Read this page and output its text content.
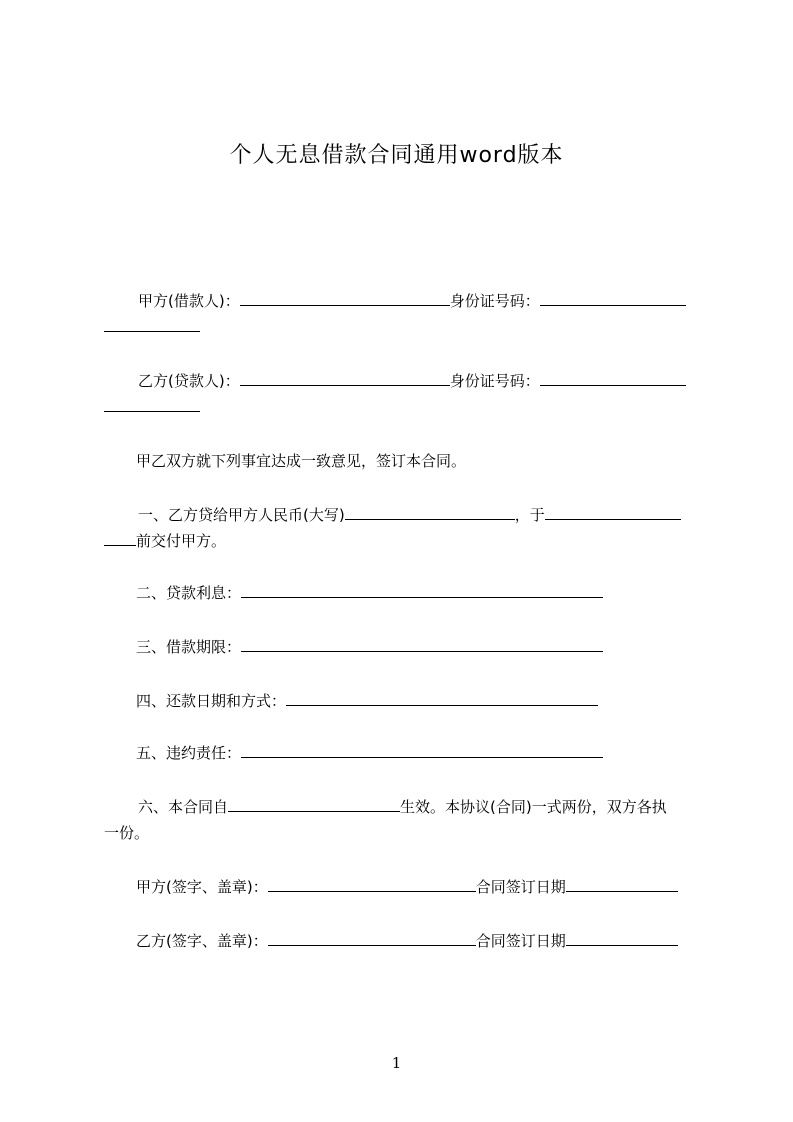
个人无息借款合同通用word版本
甲方(借款人)：	身份证号码：
乙方(贷款人)：	身份证号码：
甲乙双方就下列事宜达成一致意见，签订本合同。
一、乙方贷给甲方人民币(大写)	，于
前交付甲方。
二、贷款利息：
三、借款期限：
四、还款日期和方式：
五、违约责任：
六、本合同自	生效。本协议(合同)一式两份，双方各执
一份。
甲方(签字、盖章)：	合同签订日期
乙方(签字、盖章)：	合同签订日期
1
